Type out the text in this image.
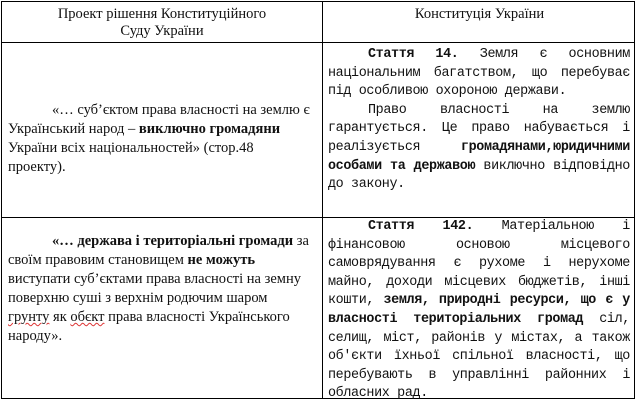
Проект рішення Конституційного
Суду України
Конституція України
«… суб’єктом права власності на землю є Український народ – виключно громадяни України всіх національностей» (стор.48 проекту).
Стаття 14. Земля є основним національним багатством, що перебуває під особливою охороною держави.
Право власності на землю гарантується. Це право набувається і реалізується громадянами,юридичними особами та державою виключно відповідно до закону.
«… держава і територіальні громади за своїм правовим становищем не можуть виступати суб’єктами права власності на земну поверхню суші з верхнім родючим шаром грунту як обєкт права власності Українського народу».
Стаття 142. Матеріальною і фінансовою основою місцевого самоврядування є рухоме і нерухоме майно, доходи місцевих бюджетів, інші кошти, земля, природні ресурси, що є у власності територіальних громад сіл, селищ, міст, районів у містах, а також об'єкти їхньої спільної власності, що перебувають в управлінні районних і обласних рад.
